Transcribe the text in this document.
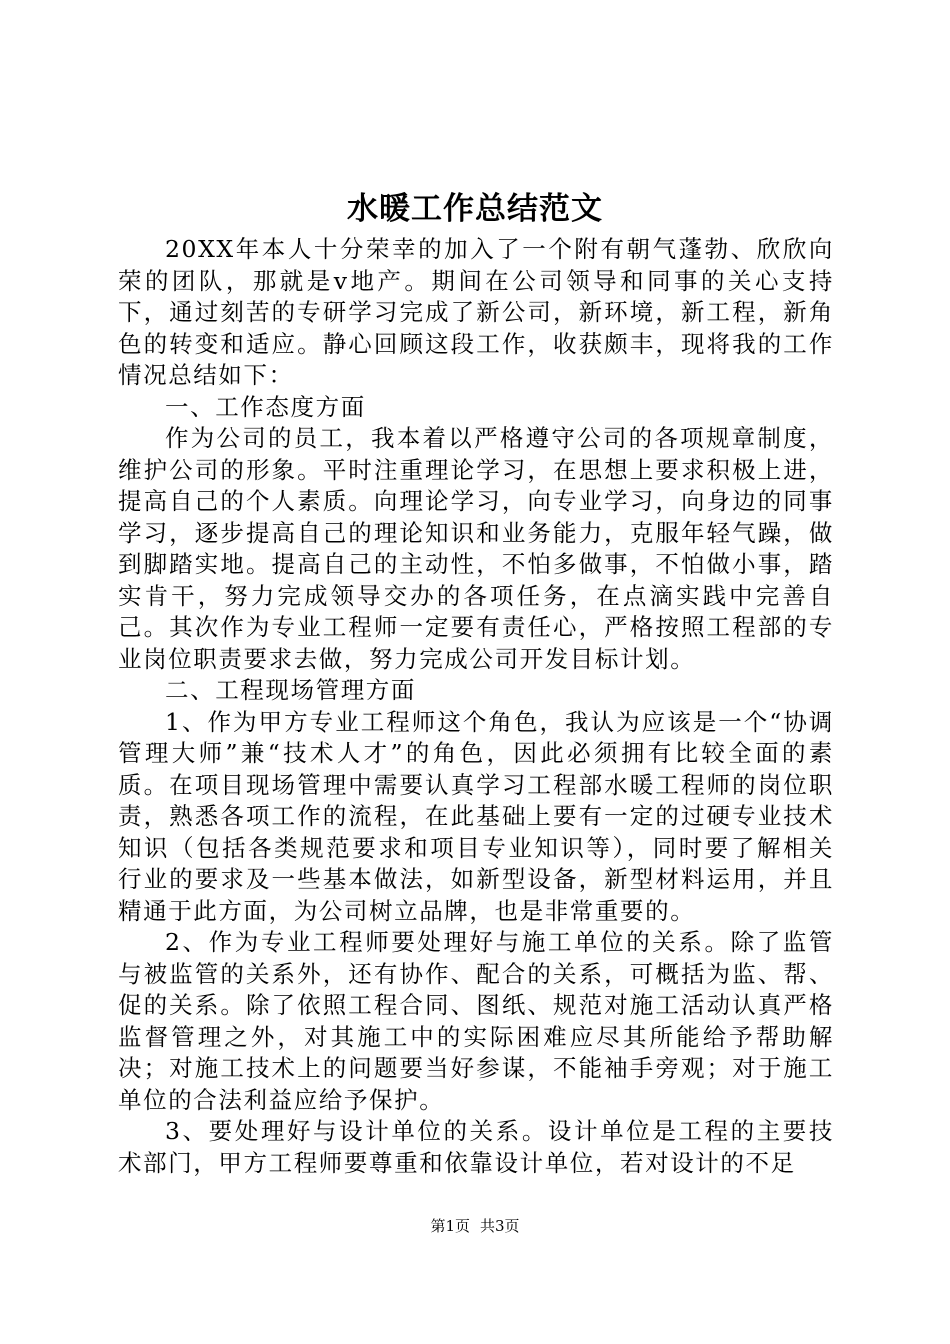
水暖工作总结范文

20XX年本人十分荣幸的加入了一个附有朝气蓬勃、欣欣向荣的团队，那就是v地产。期间在公司领导和同事的关心支持下，通过刻苦的专研学习完成了新公司，新环境，新工程，新角色的转变和适应。静心回顾这段工作，收获颇丰，现将我的工作情况总结如下：

一、工作态度方面

作为公司的员工，我本着以严格遵守公司的各项规章制度，维护公司的形象。平时注重理论学习，在思想上要求积极上进，提高自己的个人素质。向理论学习，向专业学习，向身边的同事学习，逐步提高自己的理论知识和业务能力，克服年轻气躁，做到脚踏实地。提高自己的主动性，不怕多做事，不怕做小事，踏实肯干，努力完成领导交办的各项任务，在点滴实践中完善自己。其次作为专业工程师一定要有责任心，严格按照工程部的专业岗位职责要求去做，努力完成公司开发目标计划。

二、工程现场管理方面

1、作为甲方专业工程师这个角色，我认为应该是一个“协调管理大师”兼“技术人才”的角色，因此必须拥有比较全面的素质。在项目现场管理中需要认真学习工程部水暖工程师的岗位职责，熟悉各项工作的流程，在此基础上要有一定的过硬专业技术知识（包括各类规范要求和项目专业知识等），同时要了解相关行业的要求及一些基本做法，如新型设备，新型材料运用，并且精通于此方面，为公司树立品牌，也是非常重要的。

2、作为专业工程师要处理好与施工单位的关系。除了监管与被监管的关系外，还有协作、配合的关系，可概括为监、帮、促的关系。除了依照工程合同、图纸、规范对施工活动认真严格监督管理之外，对其施工中的实际困难应尽其所能给予帮助解决；对施工技术上的问题要当好参谋，不能袖手旁观；对于施工单位的合法利益应给予保护。

3、要处理好与设计单位的关系。设计单位是工程的主要技术部门，甲方工程师要尊重和依靠设计单位，若对设计的不足

第1页 共3页
